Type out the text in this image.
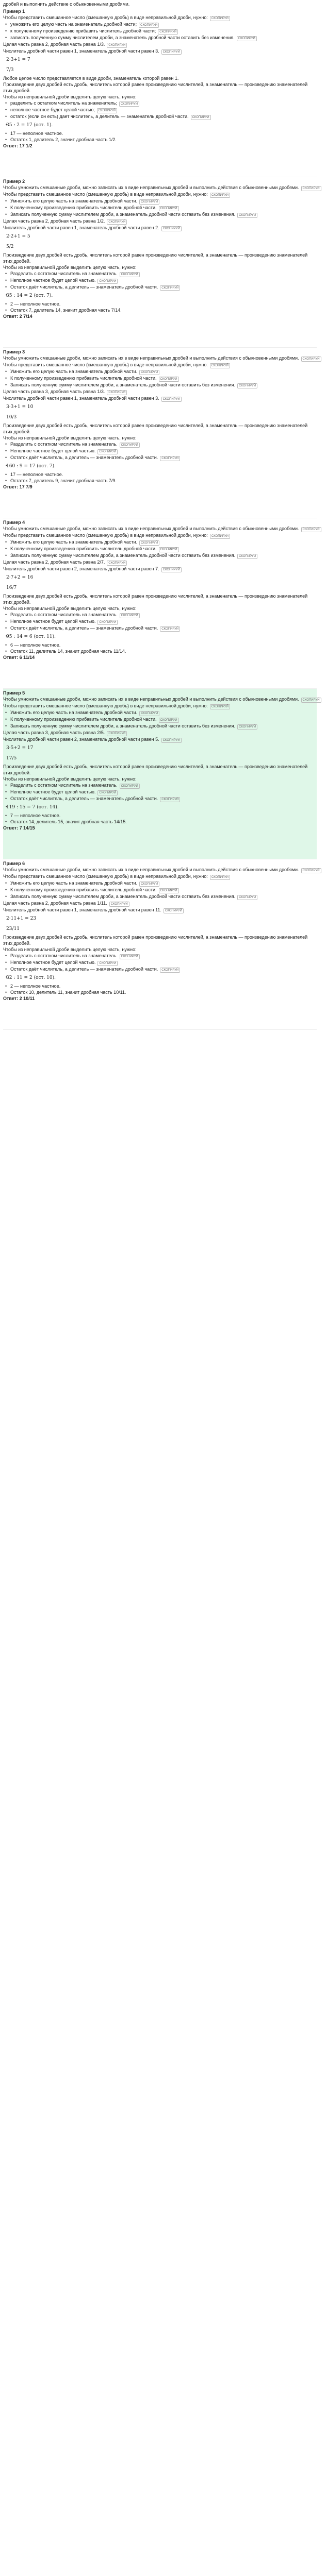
дробей и выполнить действие с обыкновенными дробями.

Пример 1

Чтобы представить смешанное число (смешанную дробь) в виде неправильной дроби, нужно: СКОПИРУЙ

• умножить его целую часть на знаменатель дробной части; СКОПИРУЙ

• к полученному произведению прибавить числитель дробной части; СКОПИРУЙ

• записать полученную сумму числителем дроби, а знаменатель дробной части оставить без изменения. СКОПИРУЙ

Целая часть равна 2, дробная часть равна 1/3. СКОПИРУЙ

Числитель дробной части равен 1, знаменатель дробной части равен 3. СКОПИРУЙ

2·3+1 = 7

7/3

Любое целое число представляется в виде дроби, знаменатель которой равен 1.

Произведение двух дробей есть дробь, числитель которой равен произведению числителей, а знаменатель — произведению знаменателей этих дробей.

Чтобы из неправильной дроби выделить целую часть, нужно:

• разделить с остатком числитель на знаменатель; СКОПИРУЙ

• неполное частное будет целой частью; СКОПИРУЙ

• остаток (если он есть) дает числитель, а делитель — знаменатель дробной части. СКОПИРУЙ

• 35 : 2 = 17 (ост. 1).

• 17 — неполное частное.

• Остаток 1, делитель 2, значит дробная часть 1/2.

Ответ: 17 1/2

Пример 2

Чтобы умножить смешанные дроби, можно записать их в виде неправильных дробей и выполнить действия с обыкновенными дробями. СКОПИРУЙ

Чтобы представить смешанное число (смешанную дробь) в виде неправильной дроби, нужно: СКОПИРУЙ

• Умножить его целую часть на знаменатель дробной части. СКОПИРУЙ

• К полученному произведению прибавить числитель дробной части. СКОПИРУЙ

• Записать полученную сумму числителем дроби, а знаменатель дробной части оставить без изменения. СКОПИРУЙ

Целая часть равна 2, дробная часть равна 1/2. СКОПИРУЙ

Числитель дробной части равен 1, знаменатель дробной части равен 2. СКОПИРУЙ

2·2+1 = 5

5/2

Произведение двух дробей есть дробь, числитель которой равен произведению числителей, а знаменатель — произведению знаменателей этих дробей.

Чтобы из неправильной дроби выделить целую часть, нужно:

• Разделить с остатком числитель на знаменатель. СКОПИРУЙ

• Неполное частное будет целой частью. СКОПИРУЙ

• Остаток даёт числитель, а делитель — знаменатель дробной части. СКОПИРУЙ

• 35 : 14 = 2 (ост. 7).

• 2 — неполное частное.

• Остаток 7, делитель 14, значит дробная часть 7/14.

Ответ: 2 7/14

Пример 3

Чтобы умножить смешанные дроби, можно записать их в виде неправильных дробей и выполнить действия с обыкновенными дробями. СКОПИРУЙ

Чтобы представить смешанное число (смешанную дробь) в виде неправильной дроби, нужно: СКОПИРУЙ

• Умножить его целую часть на знаменатель дробной части. СКОПИРУЙ

• К полученному произведению прибавить числитель дробной части. СКОПИРУЙ

• Записать полученную сумму числителем дроби, а знаменатель дробной части оставить без изменения. СКОПИРУЙ

Целая часть равна 3, дробная часть равна 1/3. СКОПИРУЙ

Числитель дробной части равен 1, знаменатель дробной части равен 3. СКОПИРУЙ

3·3+1 = 10

10/3

Произведение двух дробей есть дробь, числитель которой равен произведению числителей, а знаменатель — произведению знаменателей этих дробей.

Чтобы из неправильной дроби выделить целую часть, нужно:

• Разделить с остатком числитель на знаменатель. СКОПИРУЙ

• Неполное частное будет целой частью. СКОПИРУЙ

• Остаток даёт числитель, а делитель — знаменатель дробной части. СКОПИРУЙ

• 160 : 9 = 17 (ост. 7).

• 17 — неполное частное.

• Остаток 7, делитель 9, значит дробная часть 7/9.

Ответ: 17 7/9

Пример 4

Чтобы умножить смешанные дроби, можно записать их в виде неправильных дробей и выполнить действия с обыкновенными дробями. СКОПИРУЙ

Чтобы представить смешанное число (смешанную дробь) в виде неправильной дроби, нужно: СКОПИРУЙ

• Умножить его целую часть на знаменатель дробной части. СКОПИРУЙ

• К полученному произведению прибавить числитель дробной части. СКОПИРУЙ

• Записать полученную сумму числителем дроби, а знаменатель дробной части оставить без изменения. СКОПИРУЙ

Целая часть равна 2, дробная часть равна 2/7. СКОПИРУЙ

Числитель дробной части равен 2, знаменатель дробной части равен 7. СКОПИРУЙ

2·7+2 = 16

16/7

Произведение двух дробей есть дробь, числитель которой равен произведению числителей, а знаменатель — произведению знаменателей этих дробей.

Чтобы из неправильной дроби выделить целую часть, нужно:

• Разделить с остатком числитель на знаменатель. СКОПИРУЙ

• Неполное частное будет целой частью. СКОПИРУЙ

• Остаток даёт числитель, а делитель — знаменатель дробной части. СКОПИРУЙ

• 95 : 14 = 6 (ост. 11).

• 6 — неполное частное.

• Остаток 11, делитель 14, значит дробная часть 11/14.

Ответ: 6 11/14

Пример 5

Чтобы умножить смешанные дроби, можно записать их в виде неправильных дробей и выполнить действия с обыкновенными дробями. СКОПИРУЙ

Чтобы представить смешанное число (смешанную дробь) в виде неправильной дроби, нужно: СКОПИРУЙ

• Умножить его целую часть на знаменатель дробной части. СКОПИРУЙ

• К полученному произведению прибавить числитель дробной части. СКОПИРУЙ

• Записать полученную сумму числителем дроби, а знаменатель дробной части оставить без изменения. СКОПИРУЙ

Целая часть равна 3, дробная часть равна 2/5. СКОПИРУЙ

Числитель дробной части равен 2, знаменатель дробной части равен 5. СКОПИРУЙ

3·5+2 = 17

17/5

Произведение двух дробей есть дробь, числитель которой равен произведению числителей, а знаменатель — произведению знаменателей этих дробей.

Чтобы из неправильной дроби выделить целую часть, нужно:

• Разделить с остатком числитель на знаменатель. СКОПИРУЙ

• Неполное частное будет целой частью. СКОПИРУЙ

• Остаток даёт числитель, а делитель — знаменатель дробной части. СКОПИРУЙ

• 119 : 15 = 7 (ост. 14).

• 7 — неполное частное.

• Остаток 14, делитель 15, значит дробная часть 14/15.

Ответ: 7 14/15

Пример 6

Чтобы умножить смешанные дроби, можно записать их в виде неправильных дробей и выполнить действия с обыкновенными дробями. СКОПИРУЙ

Чтобы представить смешанное число (смешанную дробь) в виде неправильной дроби, нужно: СКОПИРУЙ

• Умножить его целую часть на знаменатель дробной части. СКОПИРУЙ

• К полученному произведению прибавить числитель дробной части. СКОПИРУЙ

• Записать полученную сумму числителем дроби, а знаменатель дробной части оставить без изменения. СКОПИРУЙ

Целая часть равна 2, дробная часть равна 1/11. СКОПИРУЙ

Числитель дробной части равен 1, знаменатель дробной части равен 11. СКОПИРУЙ

2·11+1 = 23

23/11

Произведение двух дробей есть дробь, числитель которой равен произведению числителей, а знаменатель — произведению знаменателей этих дробей.

Чтобы из неправильной дроби выделить целую часть, нужно:

• Разделить с остатком числитель на знаменатель. СКОПИРУЙ

• Неполное частное будет целой частью. СКОПИРУЙ

• Остаток даёт числитель, а делитель — знаменатель дробной части. СКОПИРУЙ

• 32 : 11 = 2 (ост. 10).

• 2 — неполное частное.

• Остаток 10, делитель 11, значит дробная часть 10/11.

Ответ: 2 10/11
